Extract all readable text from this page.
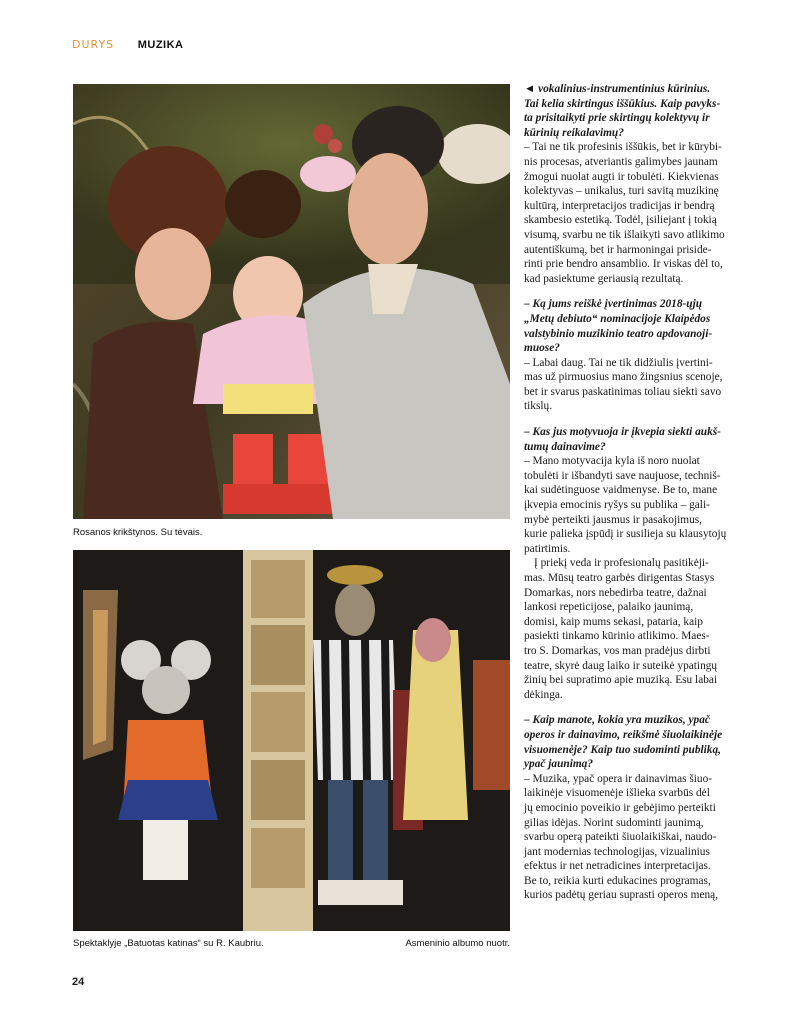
DURYS MUZIKA
Rosanos krikštynos. Su tėvais.
Spektaklyje „Batuotas katinas“ su R. Kaubriu.	Asmeninio albumo nuotr.
24

◄ vokalinius-instrumentinius kūrinius.

Tai kelia skirtingus iššūkius. Kaip pavyks-

ta prisitaikyti prie skirtingų kolektyvų ir

kūrinių reikalavimų?

– Tai ne tik profesinis iššūkis, bet ir kūrybi-

nis procesas, atveriantis galimybes jaunam

žmogui nuolat augti ir tobulėti. Kiekvienas

kolektyvas – unikalus, turi savitą muzikinę

kultūrą, interpretacijos tradicijas ir bendrą

skambesio estetiką. Todėl, įsiliejant į tokią

visumą, svarbu ne tik išlaikyti savo atlikimo

autentiškumą, bet ir harmoningai priside-

rinti prie bendro ansamblio. Ir viskas dėl to,

kad pasiektume geriausią rezultatą.

– Ką jums reiškė įvertinimas 2018-ųjų

„Metų debiuto“ nominacijoje Klaipėdos

valstybinio muzikinio teatro apdovanoji-

muose?

– Labai daug. Tai ne tik didžiulis įvertini-

mas už pirmuosius mano žingsnius scenoje,

bet ir svarus paskatinimas toliau siekti savo

tikslų.

– Kas jus motyvuoja ir įkvepia siekti aukš-

tumų dainavime?

– Mano motyvacija kyla iš noro nuolat

tobulėti ir išbandyti save naujuose, techniš-

kai sudėtinguose vaidmenyse. Be to, mane

įkvepia emocinis ryšys su publika – gali-

mybė perteikti jausmus ir pasakojimus,

kurie palieka įspūdį ir susilieja su klausytojų

patirtimis.

Į priekį veda ir profesionalų pasitikėji-

mas. Mūsų teatro garbės dirigentas Stasys

Domarkas, nors nebedirba teatre, dažnai

lankosi repeticijose, palaiko jaunimą,

domisi, kaip mums sekasi, pataria, kaip

pasiekti tinkamo kūrinio atlikimo. Maes-

tro S. Domarkas, vos man pradėjus dirbti

teatre, skyrė daug laiko ir suteikė ypatingų

žinių bei supratimo apie muziką. Esu labai

dėkinga.

– Kaip manote, kokia yra muzikos, ypač

operos ir dainavimo, reikšmė šiuolaikinėje

visuomenėje? Kaip tuo sudominti publiką,

ypač jaunimą?

– Muzika, ypač opera ir dainavimas šiuo-

laikinėje visuomenėje išlieka svarbūs dėl

jų emocinio poveikio ir gebėjimo perteikti

gilias idėjas. Norint sudominti jaunimą,

svarbu operą pateikti šiuolaikiškai, naudo-

jant modernias technologijas, vizualinius

efektus ir net netradicines interpretacijas.

Be to, reikia kurti edukacines programas,

kurios padėtų geriau suprasti operos meną,
